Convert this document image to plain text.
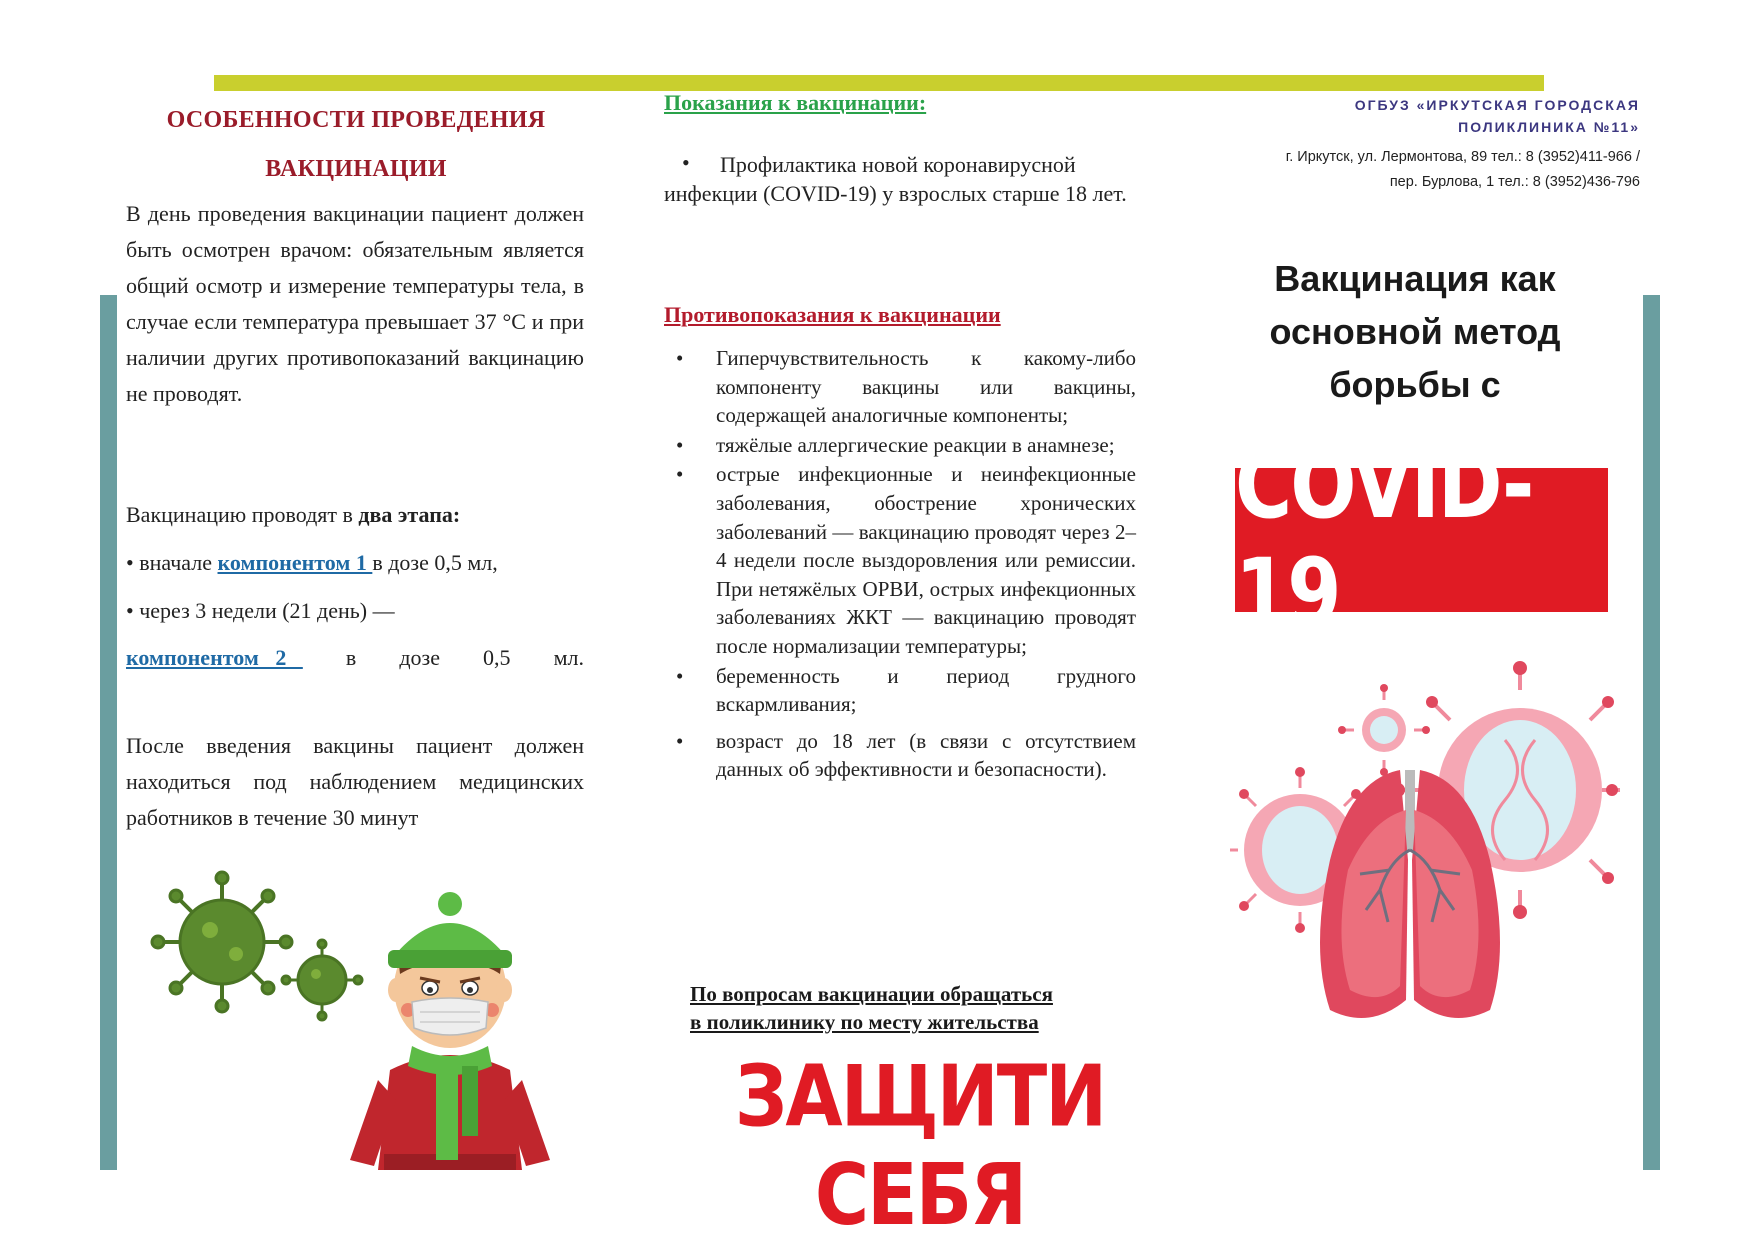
ОСОБЕННОСТИ ПРОВЕДЕНИЯ
ВАКЦИНАЦИИ
В день проведения вакцинации пациент должен быть осмотрен врачом: обязательным является общий осмотр и измерение температуры тела, в случае если температура превышает 37 °С и при наличии других противопоказаний вакцинацию не проводят.
Вакцинацию проводят в два этапа:
• вначале компонентом 1 в дозе 0,5 мл,
• через 3 недели (21 день) —
компонентом   2 в дозе 0,5 мл.
После введения вакцины пациент должен находиться под наблюдением медицинских работников в течение 30 минут
Показания к вакцинации:
•	Профилактика новой коронавирусной инфекции (COVID-19) у взрослых старше 18 лет.
Противопоказания к вакцинации
• Гиперчувствительность к какому-либо компоненту вакцины или вакцины, содержащей аналогичные компоненты;
• тяжёлые аллергические реакции в анамнезе;
• острые инфекционные и неинфекционные заболевания, обострение хронических заболеваний — вакцинацию проводят через 2–4 недели после выздоровления или ремиссии. При нетяжёлых ОРВИ, острых инфекционных заболеваниях ЖКТ — вакцинацию проводят после нормализации температуры;
• беременность и период грудного вскармливания;
• возраст до 18 лет (в связи с отсутствием данных об эффективности и безопасности).
По вопросам вакцинации обращаться
в поликлинику по месту жительства
ЗАЩИТИ СЕБЯ
ОГБУЗ «ИРКУТСКАЯ ГОРОДСКАЯ
ПОЛИКЛИНИКА №11»
г. Иркутск, ул. Лермонтова, 89 тел.: 8 (3952)411-966 /
пер. Бурлова, 1 тел.: 8 (3952)436-796
Вакцинация как
основной метод
борьбы с
COVID-19
